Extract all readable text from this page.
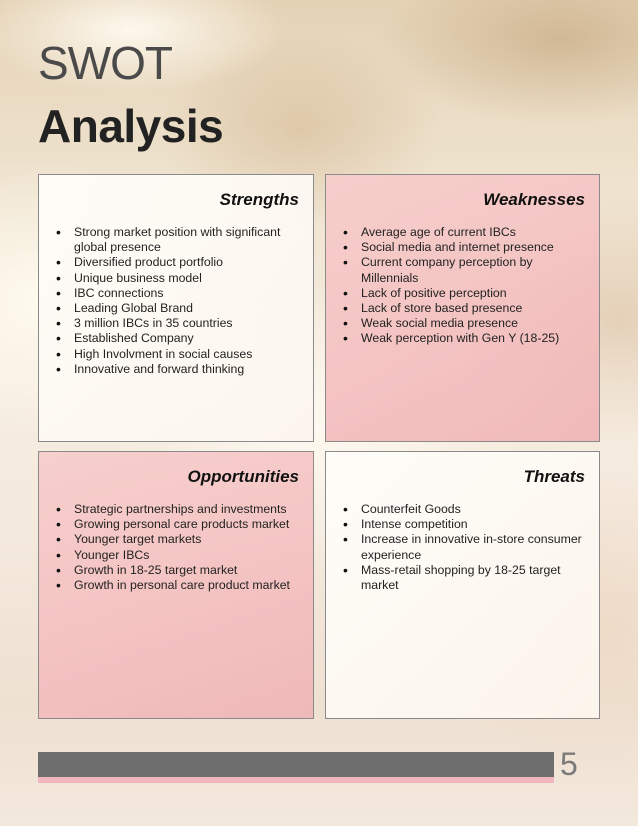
SWOT
Analysis
Strengths
• Strong market position with significant global presence
• Diversified product portfolio
• Unique business model
• IBC connections
• Leading Global Brand
• 3 million IBCs in 35 countries
• Established Company
• High Involvment in social causes
• Innovative and forward thinking
Weaknesses
• Average age of current IBCs
• Social media and internet presence
• Current company perception by Millennials
• Lack of positive perception
• Lack of store based presence
• Weak social media presence
• Weak perception with Gen Y (18-25)
Opportunities
• Strategic partnerships and investments
• Growing personal care products market
• Younger target markets
• Younger IBCs
• Growth in 18-25 target market
• Growth in personal care product market
Threats
• Counterfeit Goods
• Intense competition
• Increase in innovative in-store consumer experience
• Mass-retail shopping by 18-25 target market
5
